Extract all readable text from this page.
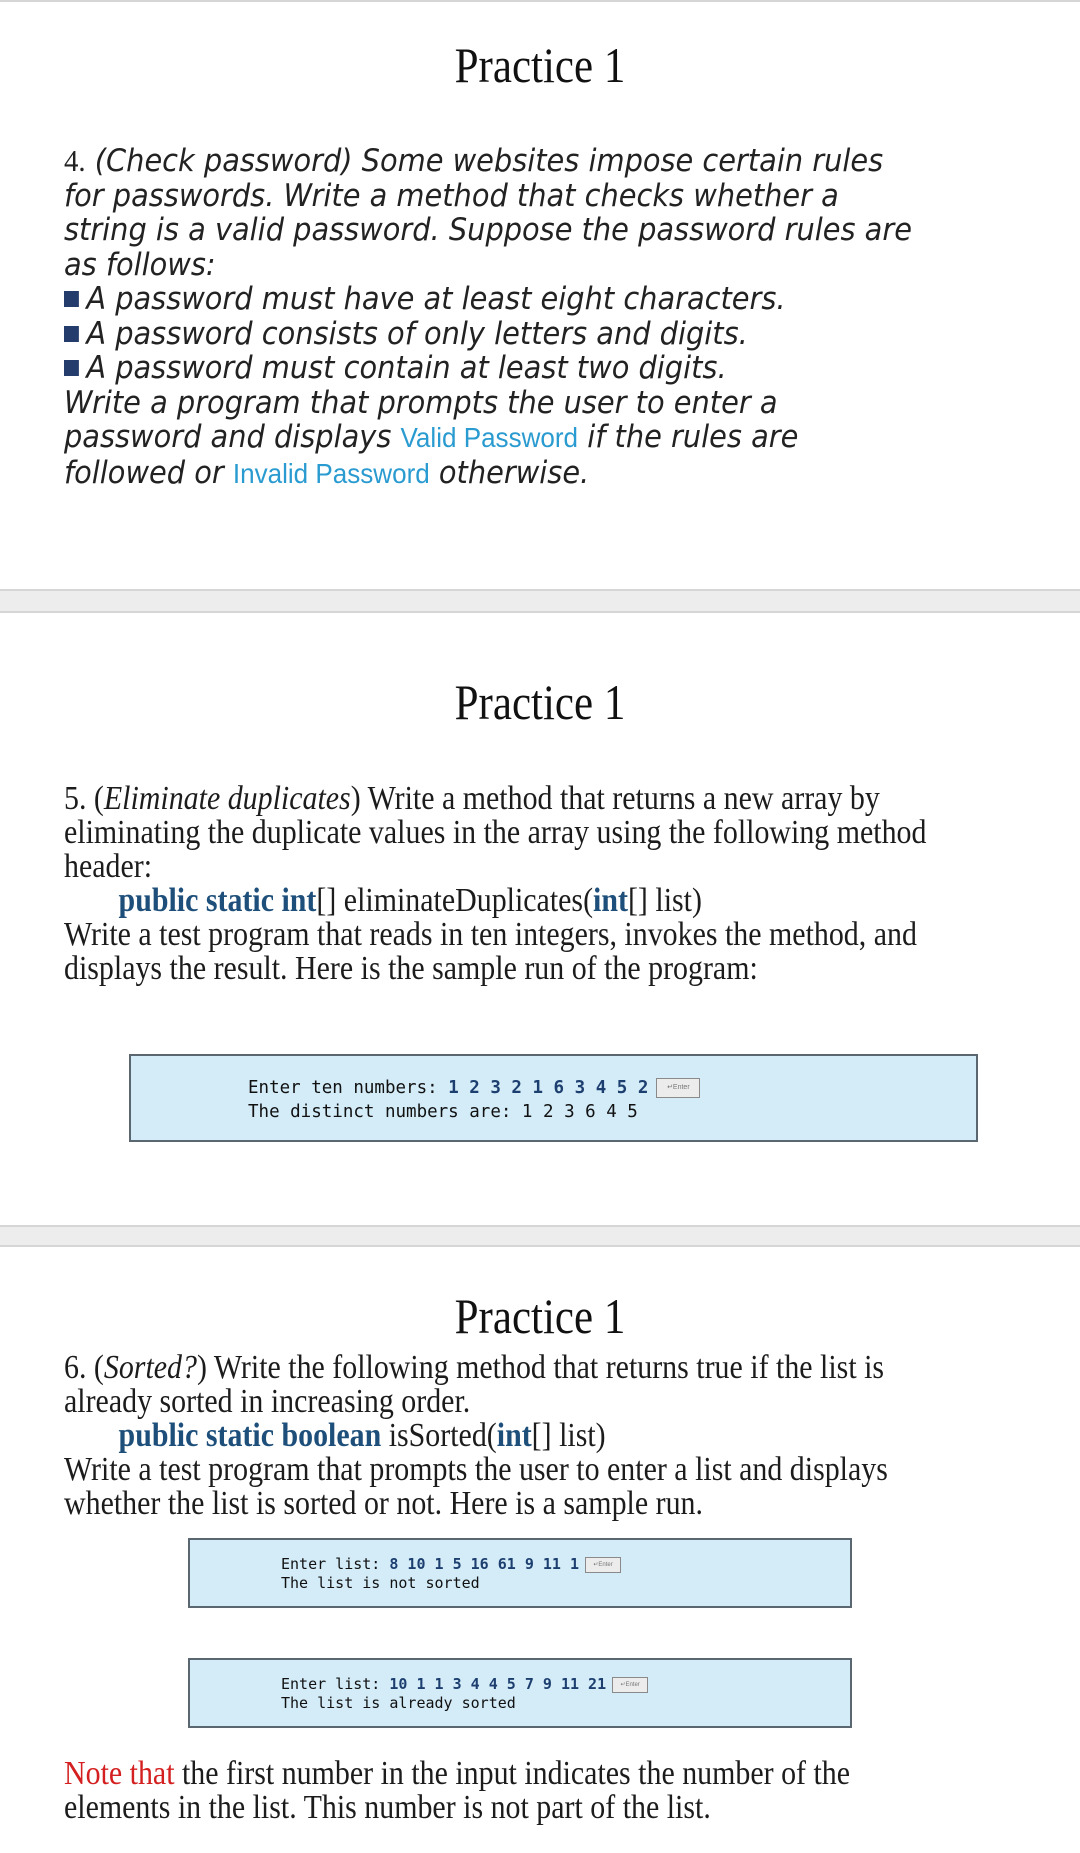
Practice 1
4. (Check password) Some websites impose certain rules
for passwords. Write a method that checks whether a
string is a valid password. Suppose the password rules are
as follows:
A password must have at least eight characters.
A password consists of only letters and digits.
A password must contain at least two digits.
Write a program that prompts the user to enter a
password and displays Valid Password if the rules are
followed or Invalid Password otherwise.
Practice 1
5. (Eliminate duplicates) Write a method that returns a new array by
eliminating the duplicate values in the array using the following method
header:
public static int[] eliminateDuplicates(int[] list)
Write a test program that reads in ten integers, invokes the method, and
displays the result. Here is the sample run of the program:
Enter ten numbers: 1 2 3 2 1 6 3 4 5 2	↵Enter
The distinct numbers are: 1 2 3 6 4 5
Practice 1
6. (Sorted?) Write the following method that returns true if the list is
already sorted in increasing order.
public static boolean isSorted(int[] list)
Write a test program that prompts the user to enter a list and displays
whether the list is sorted or not. Here is a sample run.
Enter list: 8 10 1 5 16 61 9 11 1 ↵Enter
The list is not sorted
Enter list: 10 1 1 3 4 4 5 7 9 11 21 ↵Enter
The list is already sorted
Note that the first number in the input indicates the number of the
elements in the list. This number is not part of the list.
